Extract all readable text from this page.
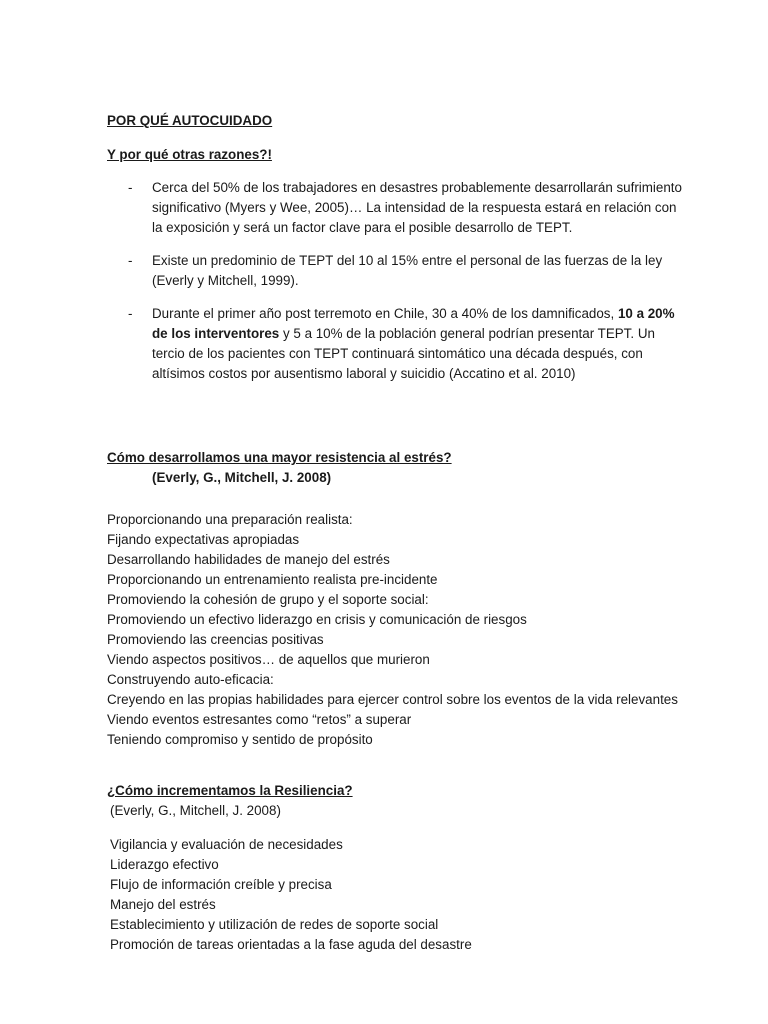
POR QUÉ AUTOCUIDADO
Y por qué otras razones?!
- Cerca del 50% de los trabajadores en desastres probablemente desarrollarán sufrimiento significativo (Myers y Wee, 2005)… La intensidad de la respuesta estará en relación con la exposición y será un factor clave para el posible desarrollo de TEPT.
- Existe un predominio de TEPT del 10 al 15% entre el personal de las fuerzas de la ley (Everly y Mitchell, 1999).
- Durante el primer año post terremoto en Chile, 30 a 40% de los damnificados, 10 a 20% de los interventores y 5 a 10% de la población general podrían presentar TEPT. Un tercio de los pacientes con TEPT continuará sintomático una década después, con altísimos costos por ausentismo laboral y suicidio (Accatino et al. 2010)
Cómo desarrollamos una mayor resistencia al estrés?
(Everly, G., Mitchell, J. 2008)
Proporcionando una preparación realista:
Fijando expectativas apropiadas
Desarrollando habilidades de manejo del estrés
Proporcionando un entrenamiento realista pre-incidente
Promoviendo la cohesión de grupo y el soporte social:
Promoviendo un efectivo liderazgo en crisis y comunicación de riesgos
Promoviendo las creencias positivas
Viendo aspectos positivos… de aquellos que murieron
Construyendo auto-eficacia:
Creyendo en las propias habilidades para ejercer control sobre los eventos de la vida relevantes
Viendo eventos estresantes como “retos” a superar
Teniendo compromiso y sentido de propósito
¿Cómo incrementamos la Resiliencia?
(Everly, G., Mitchell, J. 2008)
Vigilancia y evaluación de necesidades
Liderazgo efectivo
Flujo de información creíble y precisa
Manejo del estrés
Establecimiento y utilización de redes de soporte social
Promoción de tareas orientadas a la fase aguda del desastre
